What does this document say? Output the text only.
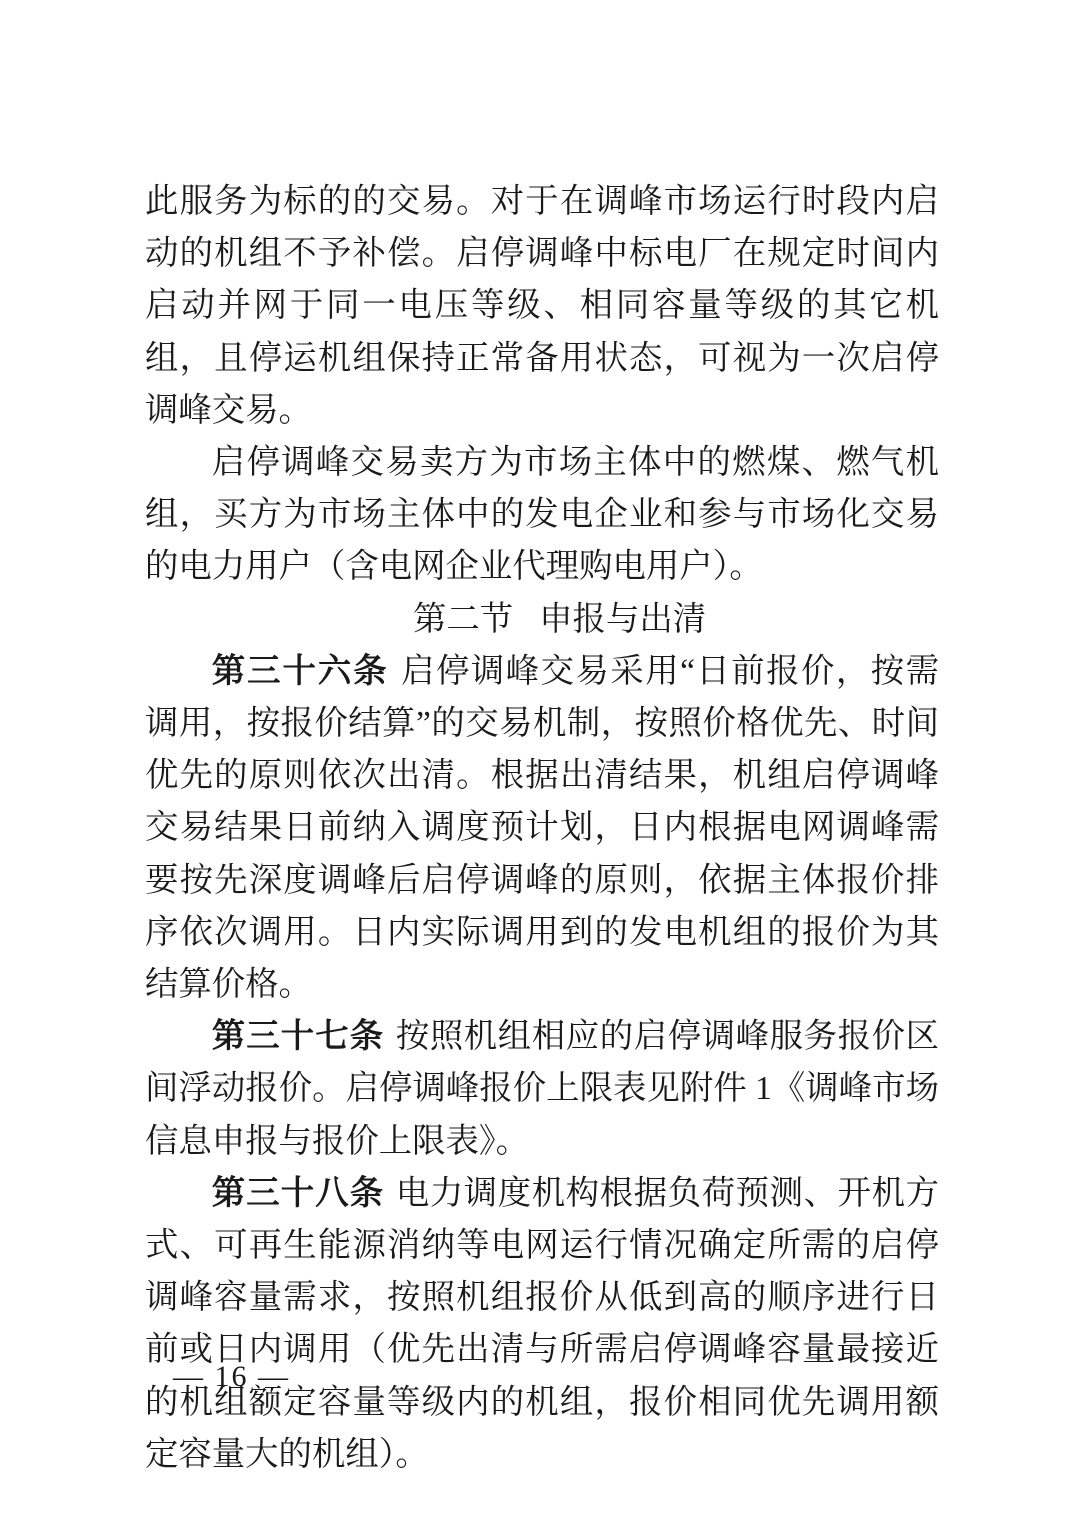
此服务为标的的交易。对于在调峰市场运行时段内启动的机组不予补偿。启停调峰中标电厂在规定时间内启动并网于同一电压等级、相同容量等级的其它机组，且停运机组保持正常备用状态，可视为一次启停调峰交易。

启停调峰交易卖方为市场主体中的燃煤、燃气机组，买方为市场主体中的发电企业和参与市场化交易的电力用户（含电网企业代理购电用户）。

第二节 申报与出清

第三十六条 启停调峰交易采用“日前报价，按需调用，按报价结算”的交易机制，按照价格优先、时间优先的原则依次出清。根据出清结果，机组启停调峰交易结果日前纳入调度预计划，日内根据电网调峰需要按先深度调峰后启停调峰的原则，依据主体报价排序依次调用。日内实际调用到的发电机组的报价为其结算价格。

第三十七条 按照机组相应的启停调峰服务报价区间浮动报价。启停调峰报价上限表见附件 1《调峰市场信息申报与报价上限表》。

第三十八条 电力调度机构根据负荷预测、开机方式、可再生能源消纳等电网运行情况确定所需的启停调峰容量需求，按照机组报价从低到高的顺序进行日前或日内调用（优先出清与所需启停调峰容量最接近的机组额定容量等级内的机组，报价相同优先调用额定容量大的机组）。

— 16 —
